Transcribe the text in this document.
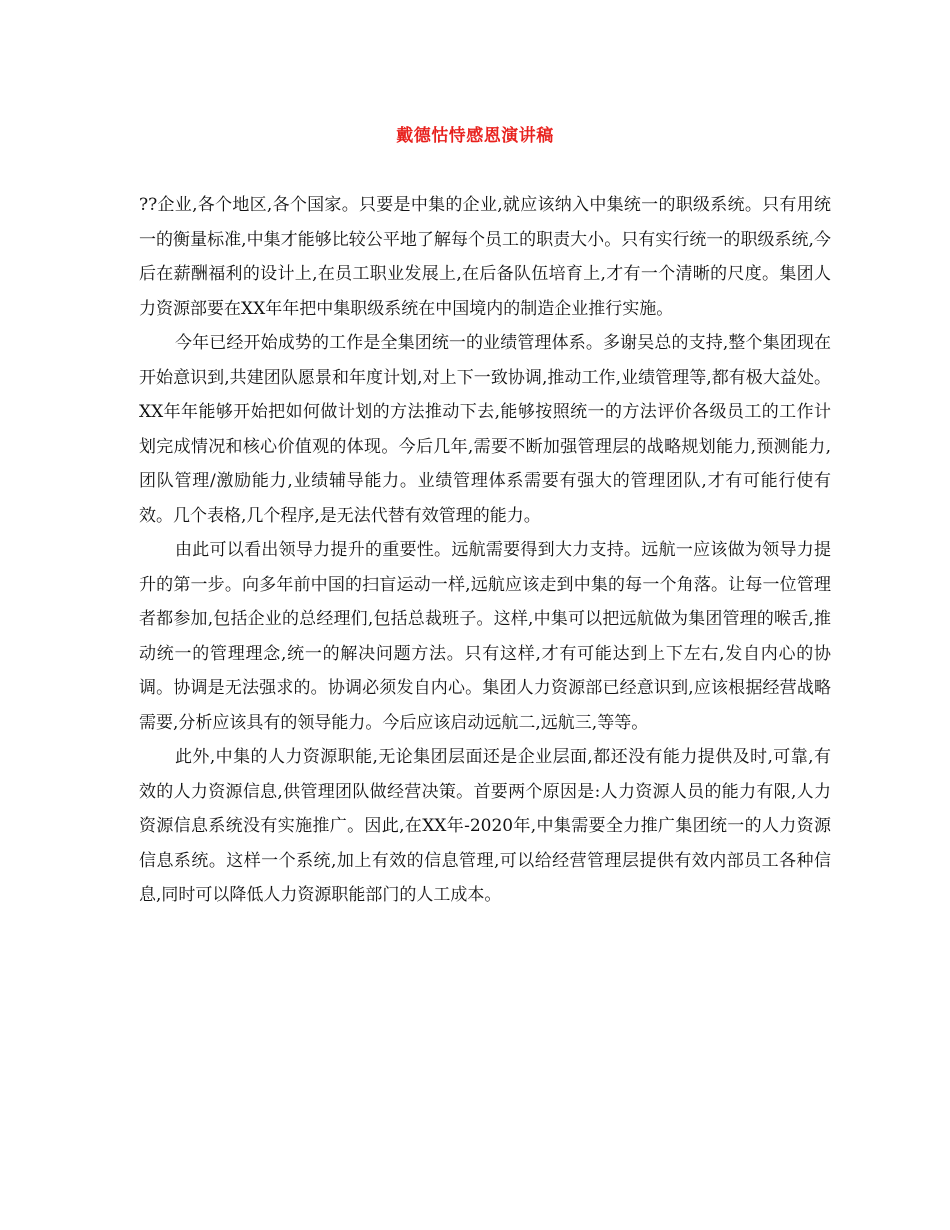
戴德怙恃感恩演讲稿

??企业,各个地区,各个国家。只要是中集的企业,就应该纳入中集统一的职级系统。只有用统一的衡量标准,中集才能够比较公平地了解每个员工的职责大小。只有实行统一的职级系统,今后在薪酬福利的设计上,在员工职业发展上,在后备队伍培育上,才有一个清晰的尺度。集团人力资源部要在XX年年把中集职级系统在中国境内的制造企业推行实施。

今年已经开始成势的工作是全集团统一的业绩管理体系。多谢吴总的支持,整个集团现在开始意识到,共建团队愿景和年度计划,对上下一致协调,推动工作,业绩管理等,都有极大益处。XX年年能够开始把如何做计划的方法推动下去,能够按照统一的方法评价各级员工的工作计划完成情况和核心价值观的体现。今后几年,需要不断加强管理层的战略规划能力,预测能力,团队管理/激励能力,业绩辅导能力。业绩管理体系需要有强大的管理团队,才有可能行使有效。几个表格,几个程序,是无法代替有效管理的能力。

由此可以看出领导力提升的重要性。远航需要得到大力支持。远航一应该做为领导力提升的第一步。向多年前中国的扫盲运动一样,远航应该走到中集的每一个角落。让每一位管理者都参加,包括企业的总经理们,包括总裁班子。这样,中集可以把远航做为集团管理的喉舌,推动统一的管理理念,统一的解决问题方法。只有这样,才有可能达到上下左右,发自内心的协调。协调是无法强求的。协调必须发自内心。集团人力资源部已经意识到,应该根据经营战略需要,分析应该具有的领导能力。今后应该启动远航二,远航三,等等。

此外,中集的人力资源职能,无论集团层面还是企业层面,都还没有能力提供及时,可靠,有效的人力资源信息,供管理团队做经营决策。首要两个原因是:人力资源人员的能力有限,人力资源信息系统没有实施推广。因此,在XX年-2020年,中集需要全力推广集团统一的人力资源信息系统。这样一个系统,加上有效的信息管理,可以给经营管理层提供有效内部员工各种信息,同时可以降低人力资源职能部门的人工成本。
